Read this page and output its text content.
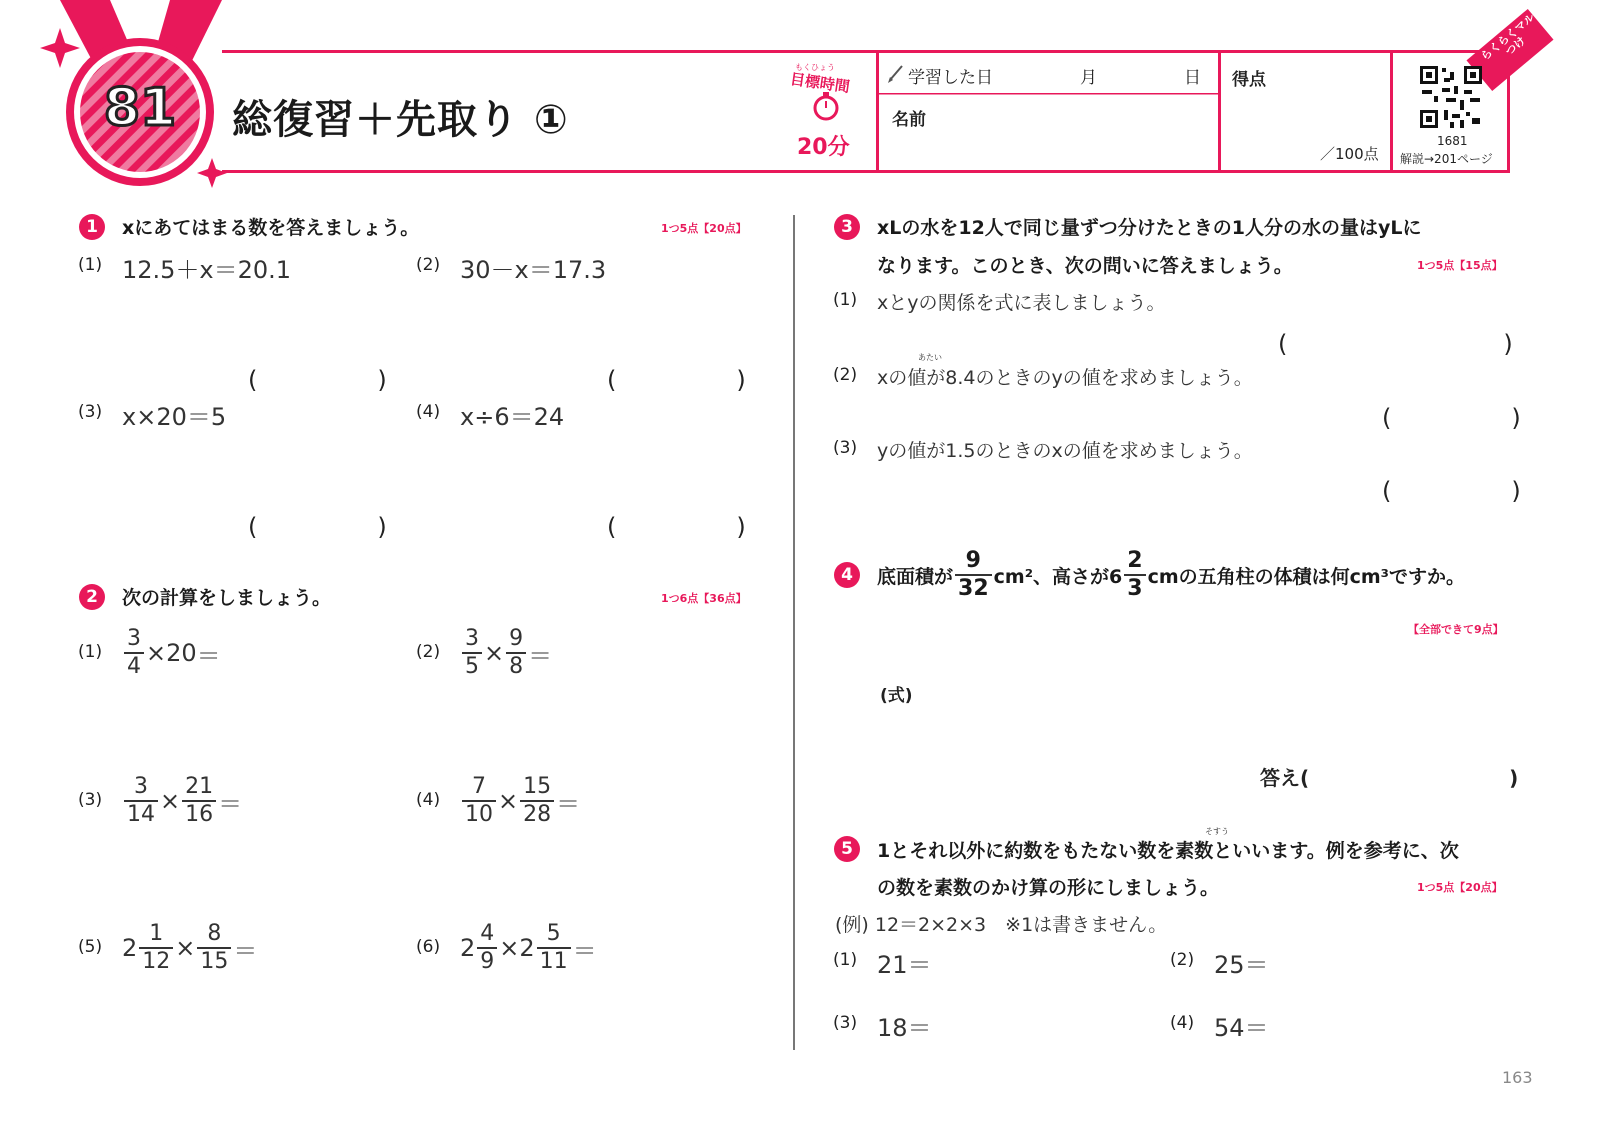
81 総復習＋先取り ①
もくひょう
目標時間
20分
学習した日	月	日
名前
得点
／100点
1681
解説→201ページ
らくらくマルつけ
1	xにあてはまる数を答えましょう。	1つ5点【20点】
(1) 12.5＋x＝20.1	(2) 30－x＝17.3
(　　　　　)	(　　　　　)
(3) x×20＝5	(4) x÷6＝24
(　　　　　)	(　　　　　)
2	次の計算をしましょう。	1つ6点【36点】
$(1) \frac{3}{4} \times 20$ ＝	$(2) \frac{3}{5} \times \frac{9}{8}$ ＝
$(3) \frac{3}{14} \times \frac{21}{16}$ ＝	$(4) \frac{7}{10} \times \frac{15}{28}$ ＝
(5) $2 \frac{1}{12} \times \frac{8}{15}$ ＝	(6) $2 \frac{4}{9} \times 2 \frac{5}{11}$ ＝
3	xLの水を12人で同じ量ずつ分けたときの1人分の水の量はyLに
なります。このとき、次の問いに答えましょう。	1つ5点【15点】
(1) xとyの関係を式に表しましょう。
(　　　　　　　　　)
あたい
(2) xの値が8.4のときのyの値を求めましょう。
(　　　　　)
(3) yの値が1.5のときのxの値を求めましょう。
(　　　　　)
4	底面積が $\frac{9}{32} cm^2$、高さが$6 \frac{2}{3}$ cmの五角柱の体積は何cm³ですか。
【全部できて9点】
(式)
答え(　　　　　　　　　　)
5
そすう
1とそれ以外に約数をもたない数を素数といいます。例を参考に、次
の数を素数のかけ算の形にしましょう。	1つ5点【20点】
(例) 12＝2×2×3　※1は書きません。
(1) 21＝	(2) 25＝
(3) 18＝	(4) 54＝
163
